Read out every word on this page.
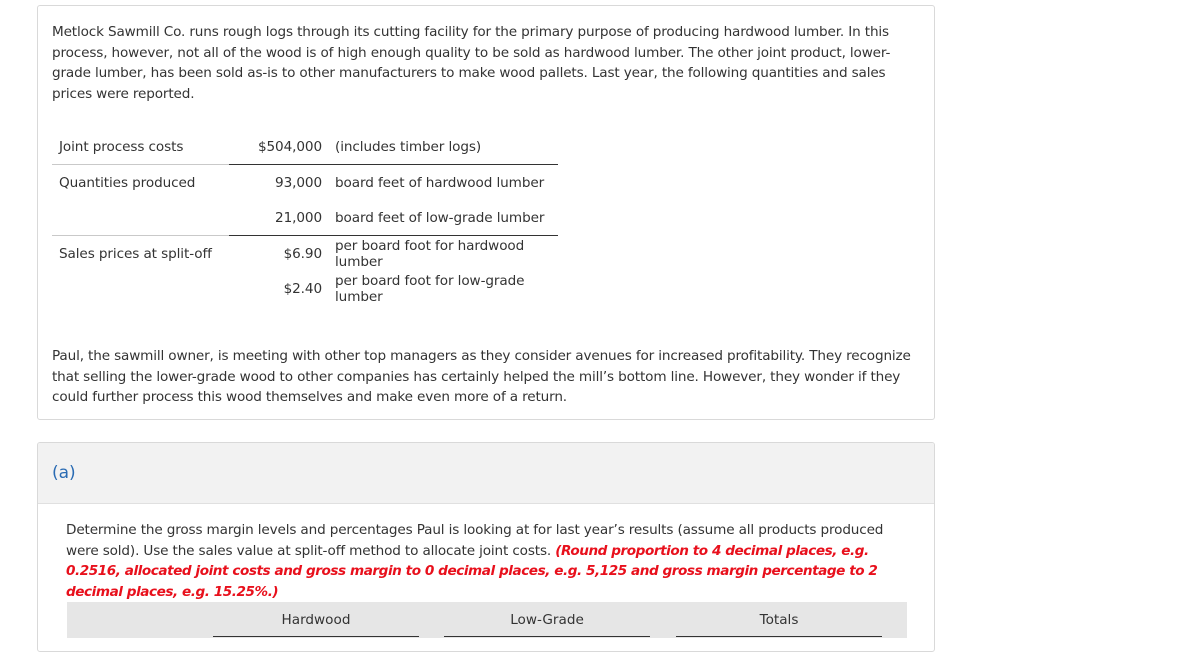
Metlock Sawmill Co. runs rough logs through its cutting facility for the primary purpose of producing hardwood lumber. In this process, however, not all of the wood is of high enough quality to be sold as hardwood lumber. The other joint product, lower-grade lumber, has been sold as-is to other manufacturers to make wood pallets. Last year, the following quantities and sales prices were reported.

Joint process costs	$504,000	(includes timber logs)
Quantities produced	93,000	board feet of hardwood lumber
	21,000	board feet of low-grade lumber
Sales prices at split-off	$6.90	per board foot for hardwood lumber
	$2.40	per board foot for low-grade lumber

Paul, the sawmill owner, is meeting with other top managers as they consider avenues for increased profitability. They recognize that selling the lower-grade wood to other companies has certainly helped the mill’s bottom line. However, they wonder if they could further process this wood themselves and make even more of a return.

(a)

Determine the gross margin levels and percentages Paul is looking at for last year’s results (assume all products produced were sold). Use the sales value at split-off method to allocate joint costs. (Round proportion to 4 decimal places, e.g. 0.2516, allocated joint costs and gross margin to 0 decimal places, e.g. 5,125 and gross margin percentage to 2 decimal places, e.g. 15.25%.)

Hardwood	Low-Grade	Totals
